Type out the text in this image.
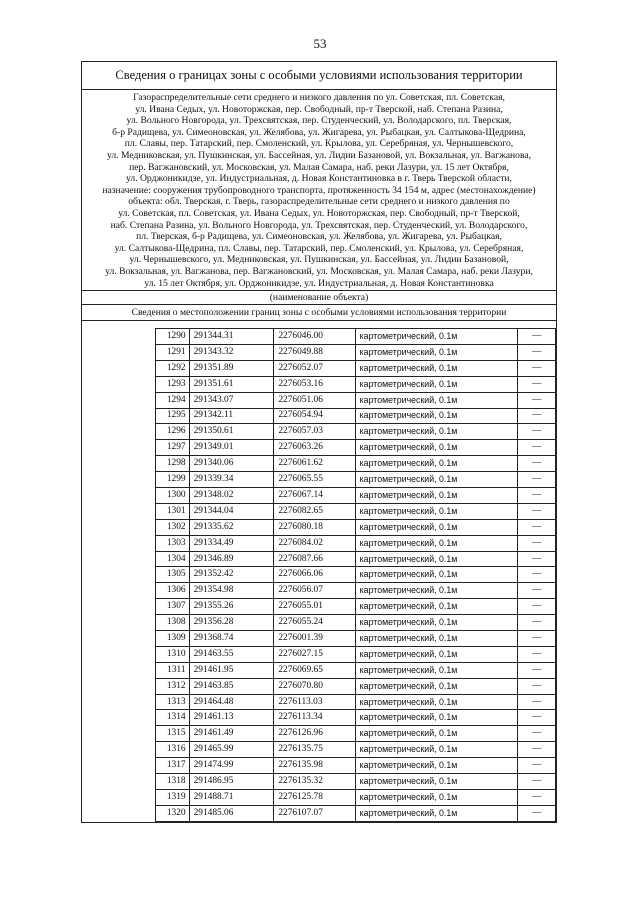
53
Сведения о границах зоны с особыми условиями использования территории
Газораспределительные сети среднего и низкого давления по ул. Советская, пл. Советская,
ул. Ивана Седых, ул. Новоторжская, пер. Свободный, пр-т Тверской, наб. Степана Разина,
ул. Вольного Новгорода, ул. Трехсвятская, пер. Студенческий, ул. Володарского, пл. Тверская,
б-р Радищева, ул. Симеоновская, ул. Желябова, ул. Жигарева, ул. Рыбацкая, ул. Салтыкова-Щедрина,
пл. Славы, пер. Татарский, пер. Смоленский, ул. Крылова, ул. Серебряная, ул. Чернышевского,
ул. Медниковская, ул. Пушкинская, ул. Бассейная, ул. Лидии Базановой, ул. Вокзальная, ул. Вагжанова,
пер. Вагжановский, ул. Московская, ул. Малая Самара, наб. реки Лазури, ул. 15 лет Октября,
ул. Орджоникидзе, ул. Индустриальная, д. Новая Константиновка в г. Тверь Тверской области,
назначение: сооружения трубопроводного транспорта, протяженность 34 154 м, адрес (местонахождение)
объекта: обл. Тверская, г. Тверь, газораспределительные сети среднего и низкого давления по
ул. Советская, пл. Советская, ул. Ивана Седых, ул. Новоторжская, пер. Свободный, пр-т Тверской,
наб. Степана Разина, ул. Вольного Новгорода, ул. Трехсвятская, пер. Студенческий, ул. Володарского,
пл. Тверская, б-р Радищева, ул. Симеоновская, ул. Желябова, ул. Жигарева, ул. Рыбацкая,
ул. Салтыкова-Щедрина, пл. Славы, пер. Татарский, пер. Смоленский, ул. Крылова, ул. Серебряная,
ул. Чернышевского, ул. Медниковская, ул. Пушкинская, ул. Бассейная, ул. Лидии Базановой,
ул. Вокзальная, ул. Вагжанова, пер. Вагжановский, ул. Московская, ул. Малая Самара, наб. реки Лазури,
ул. 15 лет Октября, ул. Орджоникидзе, ул. Индустриальная, д. Новая Константиновка
(наименование объекта)
Сведения о местоположении границ зоны с особыми условиями использования территории
1290	291344.31	2276046.00	картометрический, 0.1м	—
1291	291343.32	2276049.88	картометрический, 0.1м	—
1292	291351.89	2276052.07	картометрический, 0.1м	—
1293	291351.61	2276053.16	картометрический, 0.1м	—
1294	291343.07	2276051.06	картометрический, 0.1м	—
1295	291342.11	2276054.94	картометрический, 0.1м	—
1296	291350.61	2276057.03	картометрический, 0.1м	—
1297	291349.01	2276063.26	картометрический, 0.1м	—
1298	291340.06	2276061.62	картометрический, 0.1м	—
1299	291339.34	2276065.55	картометрический, 0.1м	—
1300	291348.02	2276067.14	картометрический, 0.1м	—
1301	291344.04	2276082.65	картометрический, 0.1м	—
1302	291335.62	2276080.18	картометрический, 0.1м	—
1303	291334.49	2276084.02	картометрический, 0.1м	—
1304	291346.89	2276087.66	картометрический, 0.1м	—
1305	291352.42	2276066.06	картометрический, 0.1м	—
1306	291354.98	2276056.07	картометрический, 0.1м	—
1307	291355.26	2276055.01	картометрический, 0.1м	—
1308	291356.28	2276055.24	картометрический, 0.1м	—
1309	291368.74	2276001.39	картометрический, 0.1м	—
1310	291463.55	2276027.15	картометрический, 0.1м	—
1311	291461.95	2276069.65	картометрический, 0.1м	—
1312	291463.85	2276070.80	картометрический, 0.1м	—
1313	291464.48	2276113.03	картометрический, 0.1м	—
1314	291461.13	2276113.34	картометрический, 0.1м	—
1315	291461.49	2276126.96	картометрический, 0.1м	—
1316	291465.99	2276135.75	картометрический, 0.1м	—
1317	291474.99	2276135.98	картометрический, 0.1м	—
1318	291486.95	2276135.32	картометрический, 0.1м	—
1319	291488.71	2276125.78	картометрический, 0.1м	—
1320	291485.06	2276107.07	картометрический, 0.1м	—
